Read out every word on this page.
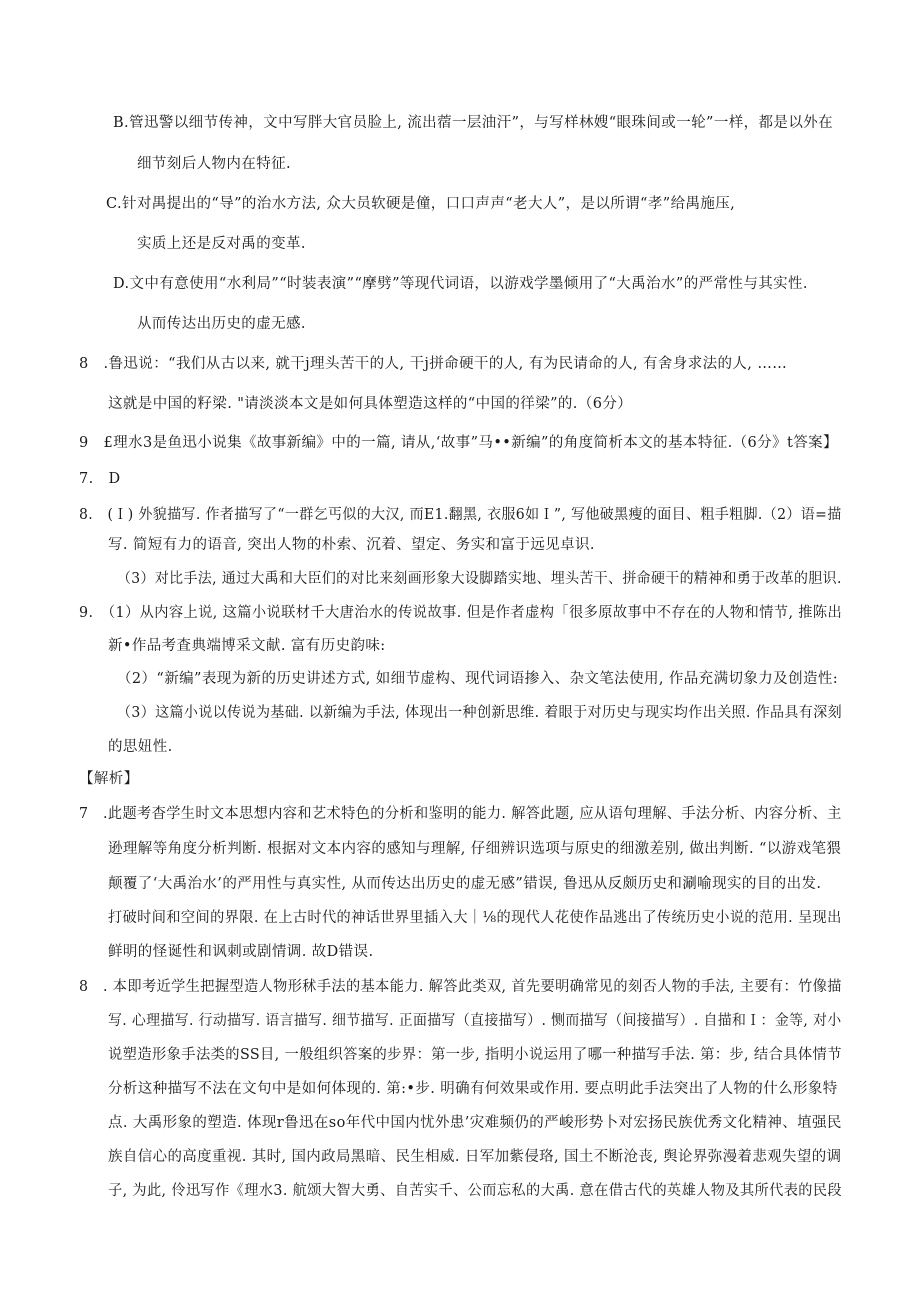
B.管迅警以细节传神，文中写胖大官员脸上, 流出蓿一层油汗”，与写样林嫂“眼珠间或一轮”一样，都是以外在
细节刻后人物内在特征.
C.针对禺提出的“导”的治水方法, 众大员软硬是僮，口口声声“老大人”，是以所谓“孝”给禺施压,
实质上还是反对禹的变革.
D.文中有意使用“水利局”“时装表演”“摩劈”等现代词语，以游戏学墨倾用了“大禹治水”的严常性与其实性.
从而传达出历史的虚无感.
8　.鲁迅说：“我们从古以来, 就干j理头苦干的人, 干j拼命硬干的人, 有为民请命的人, 有舍身求法的人, ……
这就是中国的籽梁. "请淡淡本文是如何具体塑造这样的“中国的徉梁”的.（6分）
9　£理水3是鱼迅小说集《故事新编》中的一篇, 请从,‘故事”马••新编”的角度简析本文的基本特征.（6分》t答案】
7.　D
8.　(Ｉ) 外貌描写. 作者描写了“一群乞丐似的大汉, 而E1.翻黑, 衣服6如Ｉ”, 写他破黑瘦的面目、粗手粗脚.（2）语=描
写. 简短有力的语音, 突出人物的朴索、沉着、望定、务实和富于远见卓识.
（3）对比手法, 通过大禹和大臣们的对比来刻画形象大设脚踏实地、埋头苦干、拼命硬干的精神和勇于改革的胆识.
9.　（1）从内容上说, 这篇小说联材千大唐治水的传说故事. 但是作者虚构「很多原故事中不存在的人物和情节, 推陈出
新•作品考査典端博采文献. 富有历史韵味:
（2）“新编”表现为新的历史讲述方式, 如细节虚构、现代词语掺入、杂文笔法使用, 作品充满切象力及创造性:
（3）这篇小说以传说为基础. 以新编为手法, 体现出一种创新思维. 着眼于对历史与现实均作出关照. 作品具有深刻
的思妞性.
【解析】
7　.此题考杳学生时文本思想内容和艺术特色的分析和鉴明的能力. 解答此题, 应从语句理解、手法分析、内容分析、主
逊理解等角度分析判断. 根据对文本内容的感知与理解, 仔细辨识选项与原史的细激差别, 做出判断. “以游戏笔猥
颠覆了‘大禹治水’的严用性与真实性, 从而传达出历史的虚无感”错误, 鲁迅从反颇历史和涮喻现实的目的出发.
打破时间和空间的界限. 在上古时代的神话世界里插入大｜⅛的现代人花使作品逃出了传统历史小说的范用. 呈现出
鲜明的怪诞性和讽刺或剧情调. 故D错误.
8　. 本即考近学生把握型造人物形秫手法的基本能力. 解答此类双, 首先要明确常见的刻否人物的手法, 主要有：竹像描
写. 心理描写. 行动描写. 语言描写. 细节描写. 正面描写（直接描写）. 恻而描写（间接描写）. 自描和Ｉ：金等, 对小
说塑造形象手法类的SS目, 一般组织答案的步界：第一步, 指明小说运用了哪一种描写手法. 第：步, 结合具体情节
分析这种描写不法在文句中是如何体现的. 第:•步. 明确有何效果或作用. 要点明此手法突出了人物的什么形象特
点. 大禹形象的塑造. 体现r鲁迅在so年代中国内忧外患’灾难频仍的严峻形势卜对宏扬民族优秀文化精神、埴强民
族自信心的高度重视. 其时, 国内政局黑暗、民生相威. 日军加紫侵珞, 国土不断沧丧, 舆论界弥漫着悲观失望的调
子, 为此, 伶迅写作《理水3. 航颂大智大勇、自苦实千、公而忘私的大禹. 意在借古代的英雄人物及其所代表的民段
